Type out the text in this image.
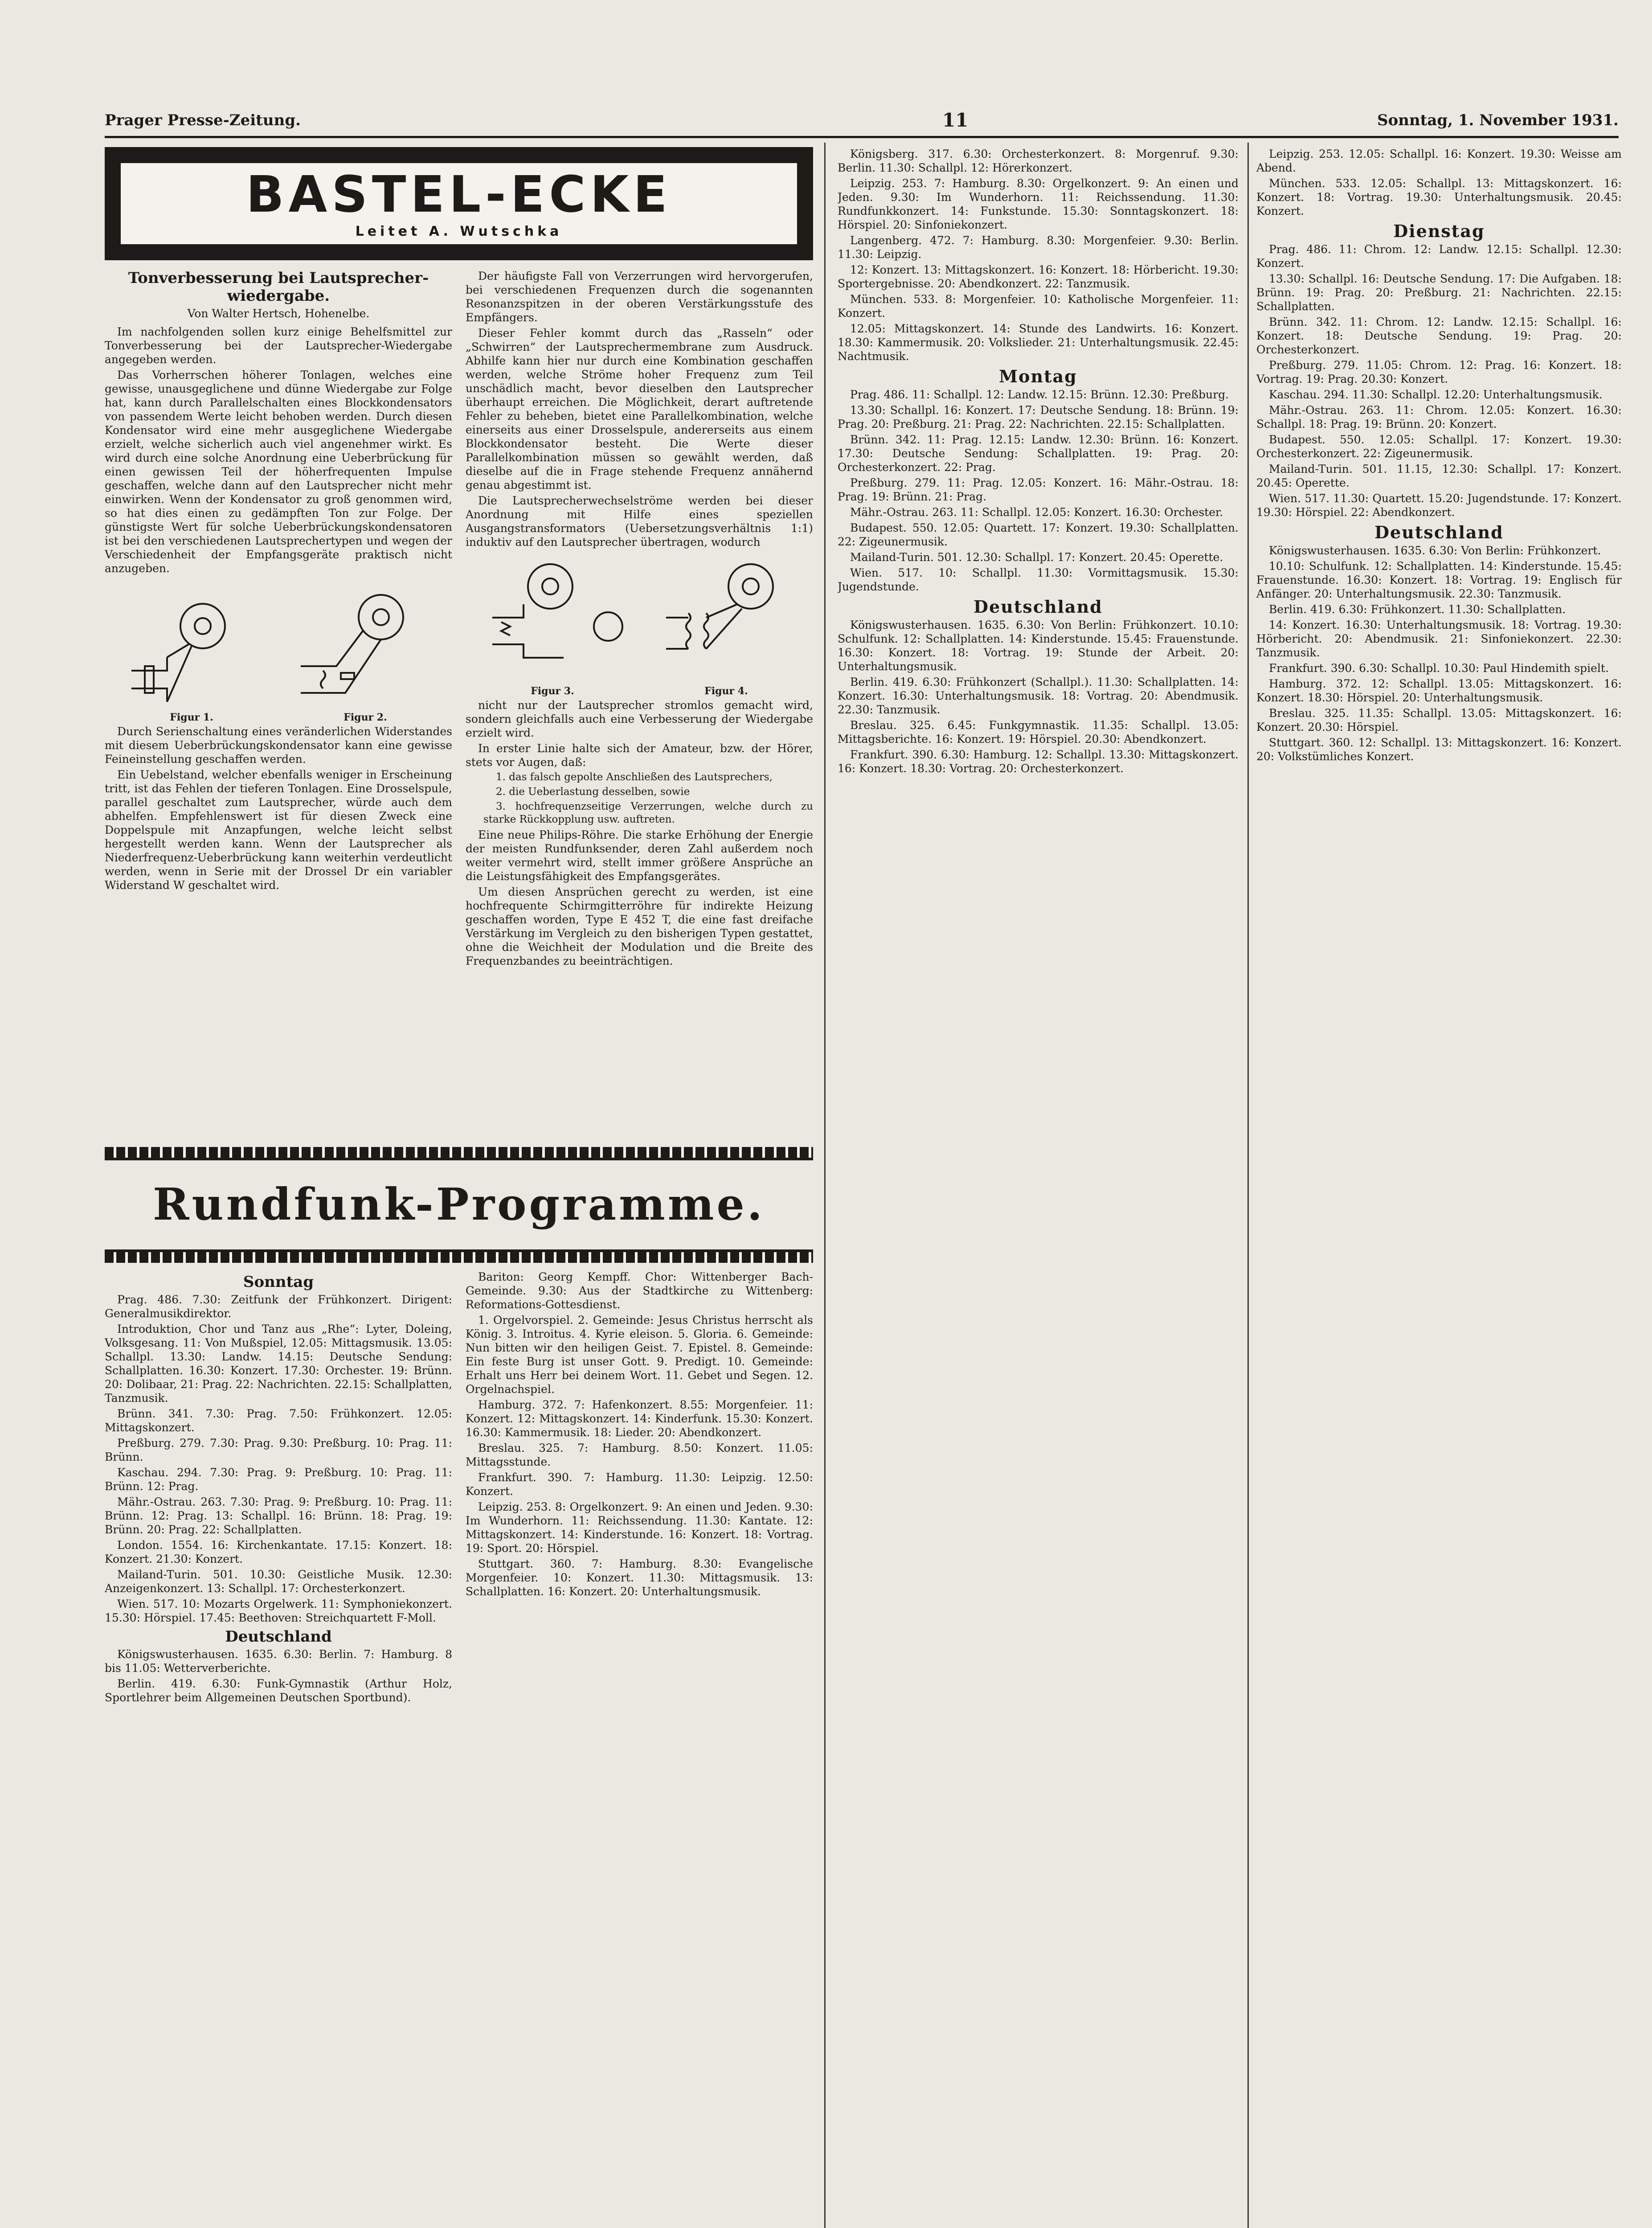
Prager Presse-Zeitung.	11	Sonntag, 1. November 1931.
BASTEL-ECKE
Leitet A. Wutschka
Tonverbesserung bei Lautsprecher-wiedergabe.
Von Walter Hertsch, Hohenelbe.

Im nachfolgenden sollen kurz einige Behelfsmittel zur Tonverbesserung bei der Lautsprecher-Wiedergabe angegeben werden.

Das Vorherrschen höherer Tonlagen, welches eine gewisse, unausgeglichene und dünne Wiedergabe zur Folge hat, kann durch Parallelschalten eines Blockkondensators von passendem Werte leicht behoben werden. Durch diesen Kondensator wird eine mehr ausgeglichene Wiedergabe erzielt, welche sicherlich auch viel angenehmer wirkt. Es wird durch eine solche Anordnung eine Ueberbrückung für einen gewissen Teil der höherfrequenten Impulse geschaffen, welche dann auf den Lautsprecher nicht mehr einwirken. Wenn der Kondensator zu groß genommen wird, so hat dies einen zu gedämpften Ton zur Folge. Der günstigste Wert für solche Ueberbrückungskondensatoren ist bei den verschiedenen Lautsprechertypen und wegen der Verschiedenheit der Empfangsgeräte praktisch nicht anzugeben.

Figur 1.	Figur 2.

Durch Serienschaltung eines veränderlichen Widerstandes mit diesem Ueberbrückungskondensator kann eine gewisse Feineinstellung geschaffen werden.

Ein Uebelstand, welcher ebenfalls weniger in Erscheinung tritt, ist das Fehlen der tieferen Tonlagen. Eine Drosselspule, parallel geschaltet zum Lautsprecher, würde auch dem abhelfen. Empfehlenswert ist für diesen Zweck eine Doppelspule mit Anzapfungen, welche leicht selbst hergestellt werden kann. Wenn der Lautsprecher als Niederfrequenz-Ueberbrückung kann weiterhin verdeutlicht werden, wenn in Serie mit der Drossel Dr ein variabler Widerstand W geschaltet wird.

Der häufigste Fall von Verzerrungen wird hervorgerufen, bei verschiedenen Frequenzen durch die sogenannten Resonanzspitzen in der oberen Verstärkungsstufe des Empfängers.

Dieser Fehler kommt durch das „Rasseln“ oder „Schwirren“ der Lautsprechermembrane zum Ausdruck. Abhilfe kann hier nur durch eine Kombination geschaffen werden, welche Ströme hoher Frequenz zum Teil unschädlich macht, bevor dieselben den Lautsprecher überhaupt erreichen. Die Möglichkeit, derart auftretende Fehler zu beheben, bietet eine Parallelkombination, welche einerseits aus einer Drosselspule, andererseits aus einem Blockkondensator besteht. Die Werte dieser Parallelkombination müssen so gewählt werden, daß dieselbe auf die in Frage stehende Frequenz annähernd genau abgestimmt ist.

Die Lautsprecherwechselströme werden bei dieser Anordnung mit Hilfe eines speziellen Ausgangstransformators (Uebersetzungsverhältnis 1:1) induktiv auf den Lautsprecher übertragen, wodurch

Figur 3.	Figur 4.

nicht nur der Lautsprecher stromlos gemacht wird, sondern gleichfalls auch eine Verbesserung der Wiedergabe erzielt wird.

In erster Linie halte sich der Amateur, bzw. der Hörer, stets vor Augen, daß:

1. das falsch gepolte Anschließen des Lautsprechers,

2. die Ueberlastung desselben, sowie

3. hochfrequenzseitige Verzerrungen, welche durch zu starke Rückkopplung usw. auftreten.

Eine neue Philips-Röhre. Die starke Erhöhung der Energie der meisten Rundfunksender, deren Zahl außerdem noch weiter vermehrt wird, stellt immer größere Ansprüche an die Leistungsfähigkeit des Empfangsgerätes.

Um diesen Ansprüchen gerecht zu werden, ist eine hochfrequente Schirmgitterröhre für indirekte Heizung geschaffen worden, Type E 452 T, die eine fast dreifache Verstärkung im Vergleich zu den bisherigen Typen gestattet, ohne die Weichheit der Modulation und die Breite des Frequenzbandes zu beeinträchtigen.

Rundfunk-Programme.
Sonntag

Prag. 486. 7.30: Zeitfunk der Frühkonzert. Dirigent: Generalmusikdirektor.

Introduktion, Chor und Tanz aus „Rhe“: Lyter, Doleing, Volksgesang. 11: Von Mußspiel, 12.05: Mittagsmusik. 13.05: Schallpl. 13.30: Landw. 14.15: Deutsche Sendung: Schallplatten. 16.30: Konzert. 17.30: Orchester. 19: Brünn. 20: Dolibaar, 21: Prag. 22: Nachrichten. 22.15: Schallplatten, Tanzmusik.

Brünn. 341. 7.30: Prag. 7.50: Frühkonzert. 12.05: Mittagskonzert.

Preßburg. 279. 7.30: Prag. 9.30: Preßburg. 10: Prag. 11: Brünn.

Kaschau. 294. 7.30: Prag. 9: Preßburg. 10: Prag. 11: Brünn. 12: Prag.

Mähr.-Ostrau. 263. 7.30: Prag. 9: Preßburg. 10: Prag. 11: Brünn. 12: Prag. 13: Schallpl. 16: Brünn. 18: Prag. 19: Brünn. 20: Prag. 22: Schallplatten.

London. 1554. 16: Kirchenkantate. 17.15: Konzert. 18: Konzert. 21.30: Konzert.

Mailand-Turin. 501. 10.30: Geistliche Musik. 12.30: Anzeigenkonzert. 13: Schallpl. 17: Orchesterkonzert.

Wien. 517. 10: Mozarts Orgelwerk. 11: Symphoniekonzert. 15.30: Hörspiel. 17.45: Beethoven: Streichquartett F-Moll.

Deutschland

Königswusterhausen. 1635. 6.30: Berlin. 7: Hamburg. 8 bis 11.05: Wetterverberichte.

Berlin. 419. 6.30: Funk-Gymnastik (Arthur Holz, Sportlehrer beim Allgemeinen Deutschen Sportbund).

Bariton: Georg Kempff. Chor: Wittenberger Bach-Gemeinde. 9.30: Aus der Stadtkirche zu Wittenberg: Reformations-Gottesdienst.

1. Orgelvorspiel. 2. Gemeinde: Jesus Christus herrscht als König. 3. Introitus. 4. Kyrie eleison. 5. Gloria. 6. Gemeinde: Nun bitten wir den heiligen Geist. 7. Epistel. 8. Gemeinde: Ein feste Burg ist unser Gott. 9. Predigt. 10. Gemeinde: Erhalt uns Herr bei deinem Wort. 11. Gebet und Segen. 12. Orgelnachspiel.

Hamburg. 372. 7: Hafenkonzert. 8.55: Morgenfeier. 11: Konzert. 12: Mittagskonzert. 14: Kinderfunk. 15.30: Konzert. 16.30: Kammermusik. 18: Lieder. 20: Abendkonzert.

Breslau. 325. 7: Hamburg. 8.50: Konzert. 11.05: Mittagsstunde.

Frankfurt. 390. 7: Hamburg. 11.30: Leipzig. 12.50: Konzert.

Leipzig. 253. 8: Orgelkonzert. 9: An einen und Jeden. 9.30: Im Wunderhorn. 11: Reichssendung. 11.30: Kantate. 12: Mittagskonzert. 14: Kinderstunde. 16: Konzert. 18: Vortrag. 19: Sport. 20: Hörspiel.

Stuttgart. 360. 7: Hamburg. 8.30: Evangelische Morgenfeier. 10: Konzert. 11.30: Mittagsmusik. 13: Schallplatten. 16: Konzert. 20: Unterhaltungsmusik.

Königsberg. 317. 6.30: Orchesterkonzert. 8: Morgenruf. 9.30: Berlin. 11.30: Schallpl. 12: Hörerkonzert.

Leipzig. 253. 7: Hamburg. 8.30: Orgelkonzert. 9: An einen und Jeden. 9.30: Im Wunderhorn. 11: Reichssendung. 11.30: Rundfunkkonzert. 14: Funkstunde. 15.30: Sonntagskonzert. 18: Hörspiel. 20: Sinfoniekonzert.

Langenberg. 472. 7: Hamburg. 8.30: Morgenfeier. 9.30: Berlin. 11.30: Leipzig.

12: Konzert. 13: Mittagskonzert. 16: Konzert. 18: Hörbericht. 19.30: Sportergebnisse. 20: Abendkonzert. 22: Tanzmusik.

München. 533. 8: Morgenfeier. 10: Katholische Morgenfeier. 11: Konzert.

12.05: Mittagskonzert. 14: Stunde des Landwirts. 16: Konzert. 18.30: Kammermusik. 20: Volkslieder. 21: Unterhaltungsmusik. 22.45: Nachtmusik.

Montag

Prag. 486. 11: Schallpl. 12: Landw. 12.15: Brünn. 12.30: Preßburg.

13.30: Schallpl. 16: Konzert. 17: Deutsche Sendung. 18: Brünn. 19: Prag. 20: Preßburg. 21: Prag. 22: Nachrichten. 22.15: Schallplatten.

Brünn. 342. 11: Prag. 12.15: Landw. 12.30: Brünn. 16: Konzert. 17.30: Deutsche Sendung: Schallplatten. 19: Prag. 20: Orchesterkonzert. 22: Prag.

Preßburg. 279. 11: Prag. 12.05: Konzert. 16: Mähr.-Ostrau. 18: Prag. 19: Brünn. 21: Prag.

Mähr.-Ostrau. 263. 11: Schallpl. 12.05: Konzert. 16.30: Orchester.

Budapest. 550. 12.05: Quartett. 17: Konzert. 19.30: Schallplatten. 22: Zigeunermusik.

Mailand-Turin. 501. 12.30: Schallpl. 17: Konzert. 20.45: Operette.

Wien. 517. 10: Schallpl. 11.30: Vormittagsmusik. 15.30: Jugendstunde.

Deutschland

Königswusterhausen. 1635. 6.30: Von Berlin: Frühkonzert. 10.10: Schulfunk. 12: Schallplatten. 14: Kinderstunde. 15.45: Frauenstunde. 16.30: Konzert. 18: Vortrag. 19: Stunde der Arbeit. 20: Unterhaltungsmusik.

Berlin. 419. 6.30: Frühkonzert (Schallpl.). 11.30: Schallplatten. 14: Konzert. 16.30: Unterhaltungsmusik. 18: Vortrag. 20: Abendmusik. 22.30: Tanzmusik.

Breslau. 325. 6.45: Funkgymnastik. 11.35: Schallpl. 13.05: Mittagsberichte. 16: Konzert. 19: Hörspiel. 20.30: Abendkonzert.

Frankfurt. 390. 6.30: Hamburg. 12: Schallpl. 13.30: Mittagskonzert. 16: Konzert. 18.30: Vortrag. 20: Orchesterkonzert.

Leipzig. 253. 12.05: Schallpl. 16: Konzert. 19.30: Weisse am Abend.

München. 533. 12.05: Schallpl. 13: Mittagskonzert. 16: Konzert. 18: Vortrag. 19.30: Unterhaltungsmusik. 20.45: Konzert.

Dienstag

Prag. 486. 11: Chrom. 12: Landw. 12.15: Schallpl. 12.30: Konzert.

13.30: Schallpl. 16: Deutsche Sendung. 17: Die Aufgaben. 18: Brünn. 19: Prag. 20: Preßburg. 21: Nachrichten. 22.15: Schallplatten.

Brünn. 342. 11: Chrom. 12: Landw. 12.15: Schallpl. 16: Konzert. 18: Deutsche Sendung. 19: Prag. 20: Orchesterkonzert.

Preßburg. 279. 11.05: Chrom. 12: Prag. 16: Konzert. 18: Vortrag. 19: Prag. 20.30: Konzert.

Kaschau. 294. 11.30: Schallpl. 12.20: Unterhaltungsmusik.

Mähr.-Ostrau. 263. 11: Chrom. 12.05: Konzert. 16.30: Schallpl. 18: Prag. 19: Brünn. 20: Konzert.

Budapest. 550. 12.05: Schallpl. 17: Konzert. 19.30: Orchesterkonzert. 22: Zigeunermusik.

Mailand-Turin. 501. 11.15, 12.30: Schallpl. 17: Konzert. 20.45: Operette.

Wien. 517. 11.30: Quartett. 15.20: Jugendstunde. 17: Konzert. 19.30: Hörspiel. 22: Abendkonzert.

Deutschland

Königswusterhausen. 1635. 6.30: Von Berlin: Frühkonzert.

10.10: Schulfunk. 12: Schallplatten. 14: Kinderstunde. 15.45: Frauenstunde. 16.30: Konzert. 18: Vortrag. 19: Englisch für Anfänger. 20: Unterhaltungsmusik. 22.30: Tanzmusik.

Berlin. 419. 6.30: Frühkonzert. 11.30: Schallplatten.

14: Konzert. 16.30: Unterhaltungsmusik. 18: Vortrag. 19.30: Hörbericht. 20: Abendmusik. 21: Sinfoniekonzert. 22.30: Tanzmusik.

Frankfurt. 390. 6.30: Schallpl. 10.30: Paul Hindemith spielt.

Hamburg. 372. 12: Schallpl. 13.05: Mittagskonzert. 16: Konzert. 18.30: Hörspiel. 20: Unterhaltungsmusik.

Breslau. 325. 11.35: Schallpl. 13.05: Mittagskonzert. 16: Konzert. 20.30: Hörspiel.

Stuttgart. 360. 12: Schallpl. 13: Mittagskonzert. 16: Konzert. 20: Volkstümliches Konzert.
